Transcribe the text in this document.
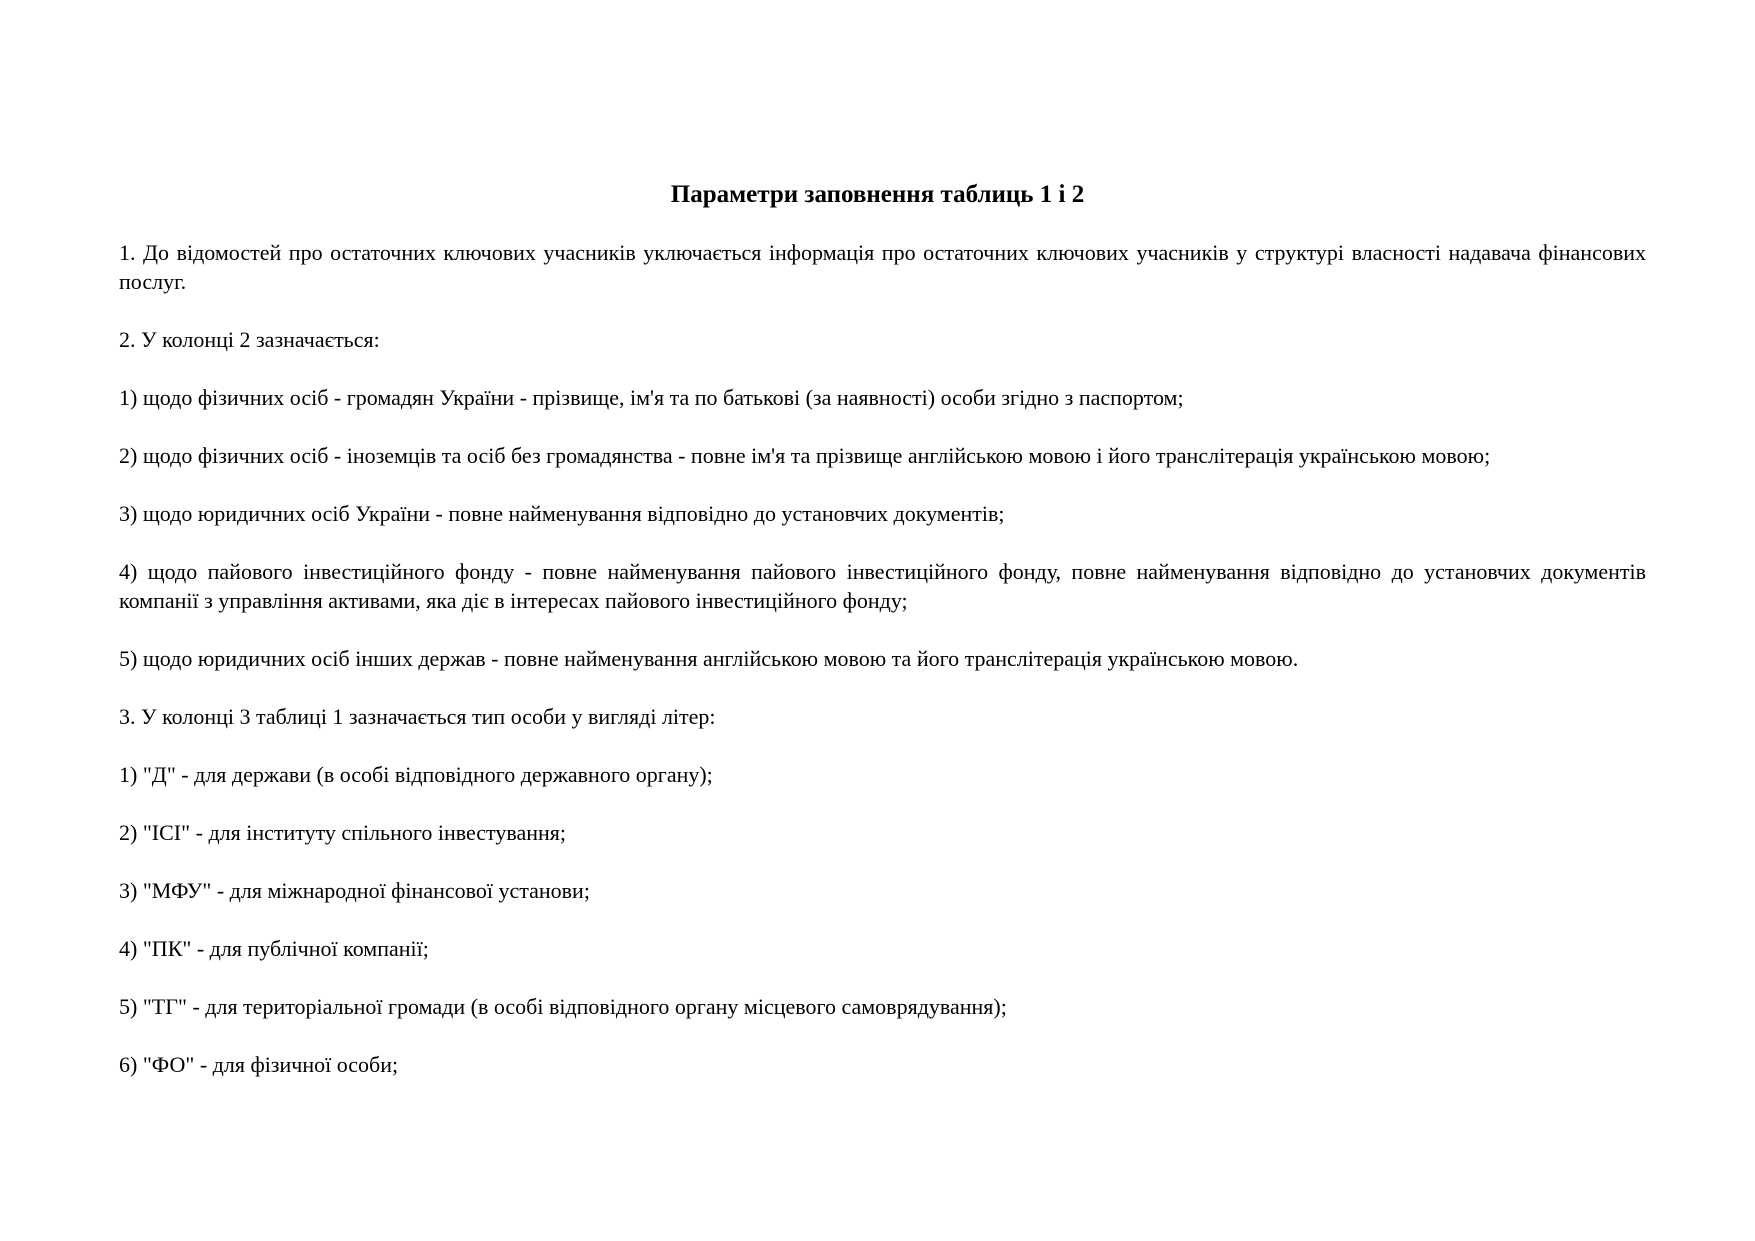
Параметри заповнення таблиць 1 і 2

1. До відомостей про остаточних ключових учасників уключається інформація про остаточних ключових учасників у структурі власності надавача фінансових послуг.

2. У колонці 2 зазначається:

1) щодо фізичних осіб - громадян України - прізвище, ім'я та по батькові (за наявності) особи згідно з паспортом;

2) щодо фізичних осіб - іноземців та осіб без громадянства - повне ім'я та прізвище англійською мовою і його транслітерація українською мовою;

3) щодо юридичних осіб України - повне найменування відповідно до установчих документів;

4) щодо пайового інвестиційного фонду - повне найменування пайового інвестиційного фонду, повне найменування відповідно до установчих документів компанії з управління активами, яка діє в інтересах пайового інвестиційного фонду;

5) щодо юридичних осіб інших держав - повне найменування англійською мовою та його транслітерація українською мовою.

3. У колонці 3 таблиці 1 зазначається тип особи у вигляді літер:

1) "Д" - для держави (в особі відповідного державного органу);

2) "ІСІ" - для інституту спільного інвестування;

3) "МФУ" - для міжнародної фінансової установи;

4) "ПК" - для публічної компанії;

5) "ТГ" - для територіальної громади (в особі відповідного органу місцевого самоврядування);

6) "ФО" - для фізичної особи;
